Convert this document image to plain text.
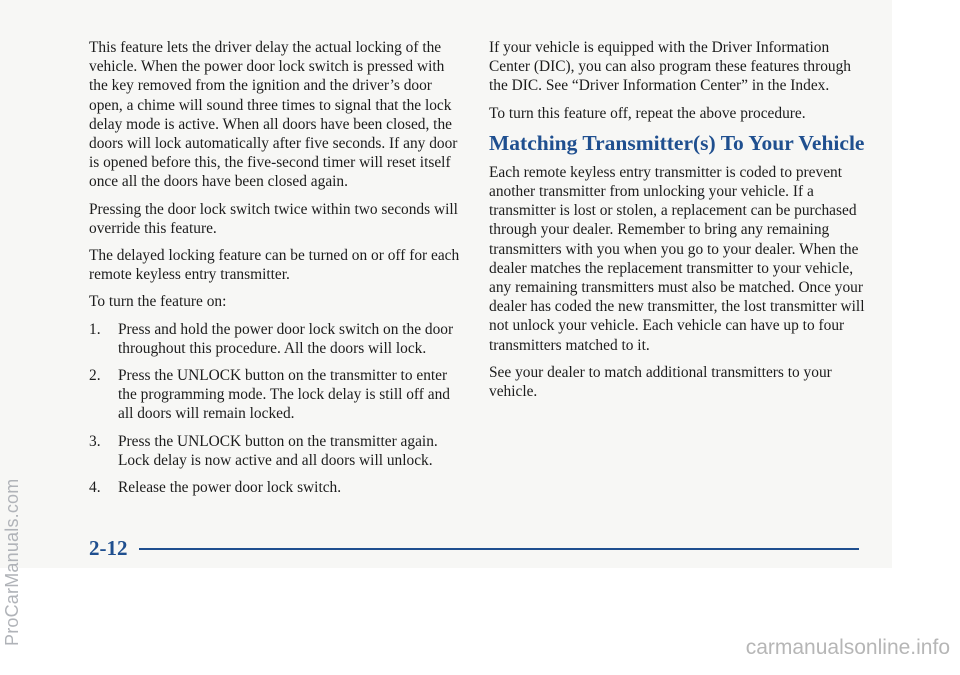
This feature lets the driver delay the actual locking of the vehicle. When the power door lock switch is pressed with the key removed from the ignition and the driver’s door open, a chime will sound three times to signal that the lock delay mode is active. When all doors have been closed, the doors will lock automatically after five seconds. If any door is opened before this, the five-second timer will reset itself once all the doors have been closed again.

Pressing the door lock switch twice within two seconds will override this feature.

The delayed locking feature can be turned on or off for each remote keyless entry transmitter.

To turn the feature on:

1. Press and hold the power door lock switch on the door throughout this procedure. All the doors will lock.
2. Press the UNLOCK button on the transmitter to enter the programming mode. The lock delay is still off and all doors will remain locked.
3. Press the UNLOCK button on the transmitter again. Lock delay is now active and all doors will unlock.
4. Release the power door lock switch.

If your vehicle is equipped with the Driver Information Center (DIC), you can also program these features through the DIC. See “Driver Information Center” in the Index.

To turn this feature off, repeat the above procedure.

Matching Transmitter(s) To Your Vehicle

Each remote keyless entry transmitter is coded to prevent another transmitter from unlocking your vehicle. If a transmitter is lost or stolen, a replacement can be purchased through your dealer. Remember to bring any remaining transmitters with you when you go to your dealer. When the dealer matches the replacement transmitter to your vehicle, any remaining transmitters must also be matched. Once your dealer has coded the new transmitter, the lost transmitter will not unlock your vehicle. Each vehicle can have up to four transmitters matched to it.

See your dealer to match additional transmitters to your vehicle.

2-12
ProCarManuals.com
carmanualsonline.info
